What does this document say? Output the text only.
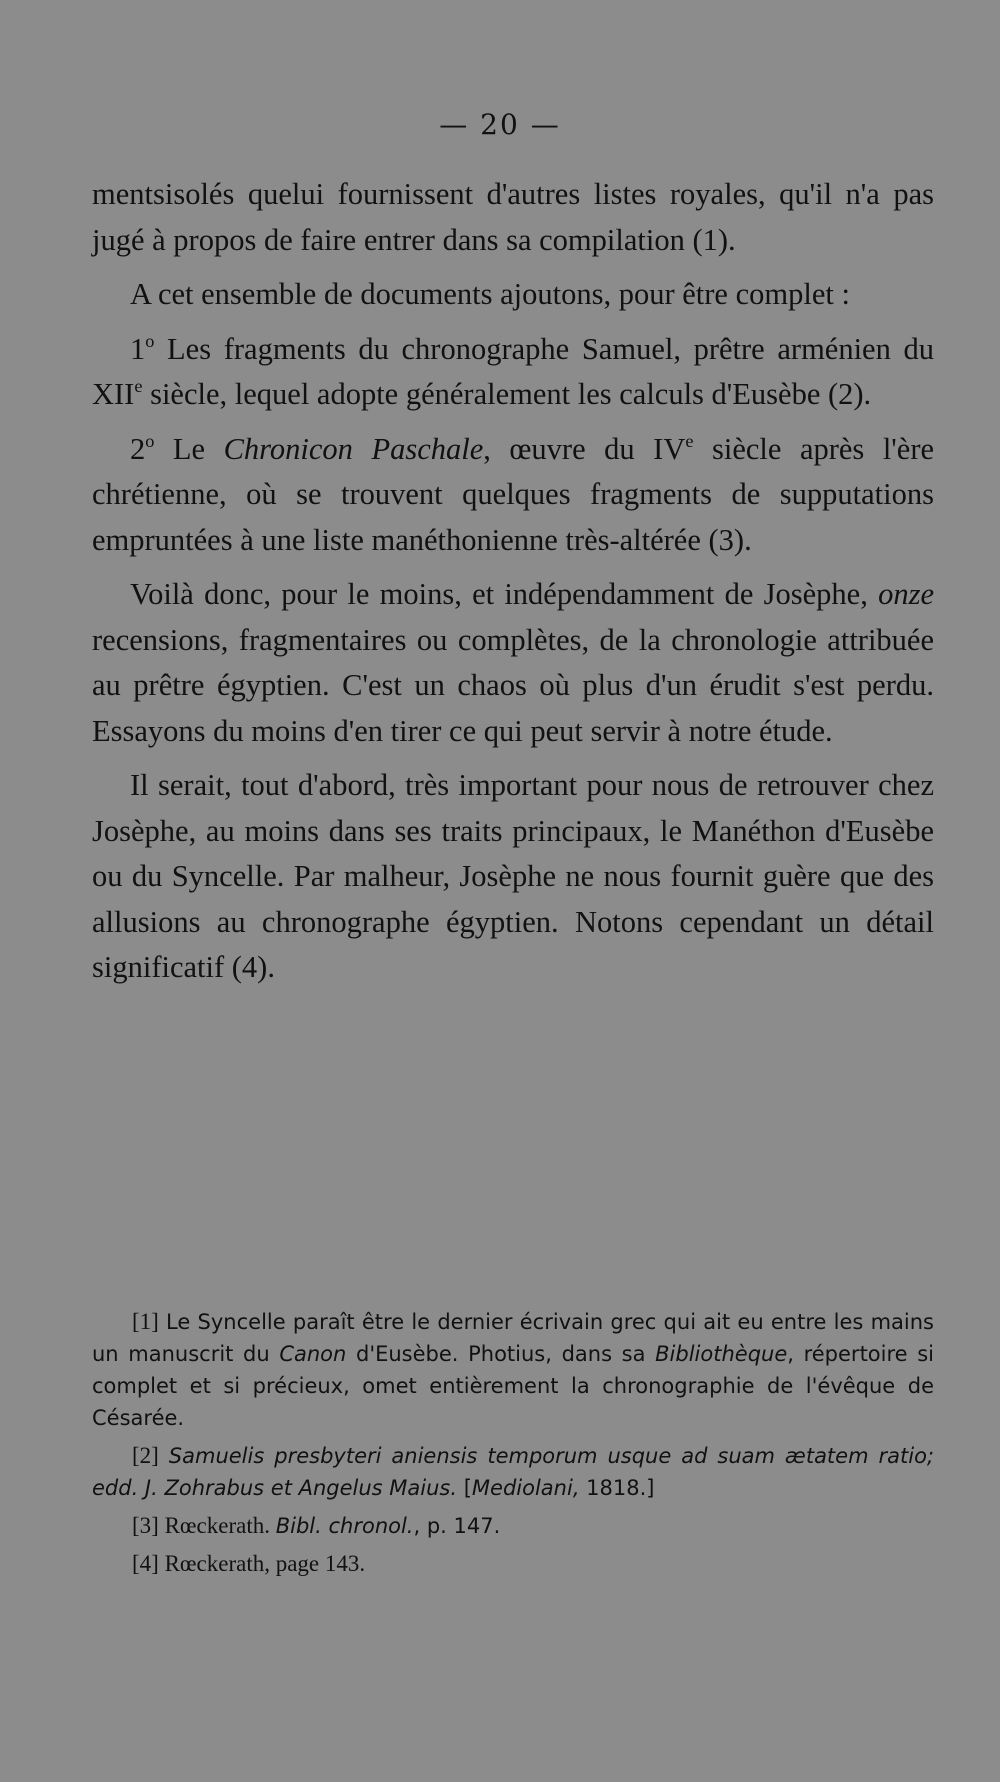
— 20 —

mentsisolés quelui fournissent d'autres listes royales, qu'il n'a pas jugé à propos de faire entrer dans sa compilation (1).

A cet ensemble de documents ajoutons, pour être complet :

1$^o$ Les fragments du chronographe Samuel, prêtre arménien du XIIe siècle, lequel adopte généralement les calculs d'Eusèbe (2).

2$^o$ Le Chronicon Paschale, œuvre du IVe siècle après l'ère chrétienne, où se trouvent quelques fragments de supputations empruntées à une liste manéthonienne très-altérée (3).

Voilà donc, pour le moins, et indépendamment de Josèphe, onze recensions, fragmentaires ou complètes, de la chronologie attribuée au prêtre égyptien. C'est un chaos où plus d'un érudit s'est perdu. Essayons du moins d'en tirer ce qui peut servir à notre étude.

Il serait, tout d'abord, très important pour nous de retrouver chez Josèphe, au moins dans ses traits principaux, le Manéthon d'Eusèbe ou du Syncelle. Par malheur, Josèphe ne nous fournit guère que des allusions au chronographe égyptien. Notons cependant un détail significatif (4).

[1] Le Syncelle paraît être le dernier écrivain grec qui ait eu entre les mains un manuscrit du Canon d'Eusèbe. Photius, dans sa Bibliothèque, répertoire si complet et si précieux, omet entièrement la chronographie de l'évêque de Césarée.

[2] Samuelis presbyteri aniensis temporum usque ad suam ætatem ratio; edd. J. Zohrabus et Angelus Maius. [Mediolani, 1818.]

[3] Rœckerath. Bibl. chronol., p. 147.

[4] Rœckerath, page 143.
